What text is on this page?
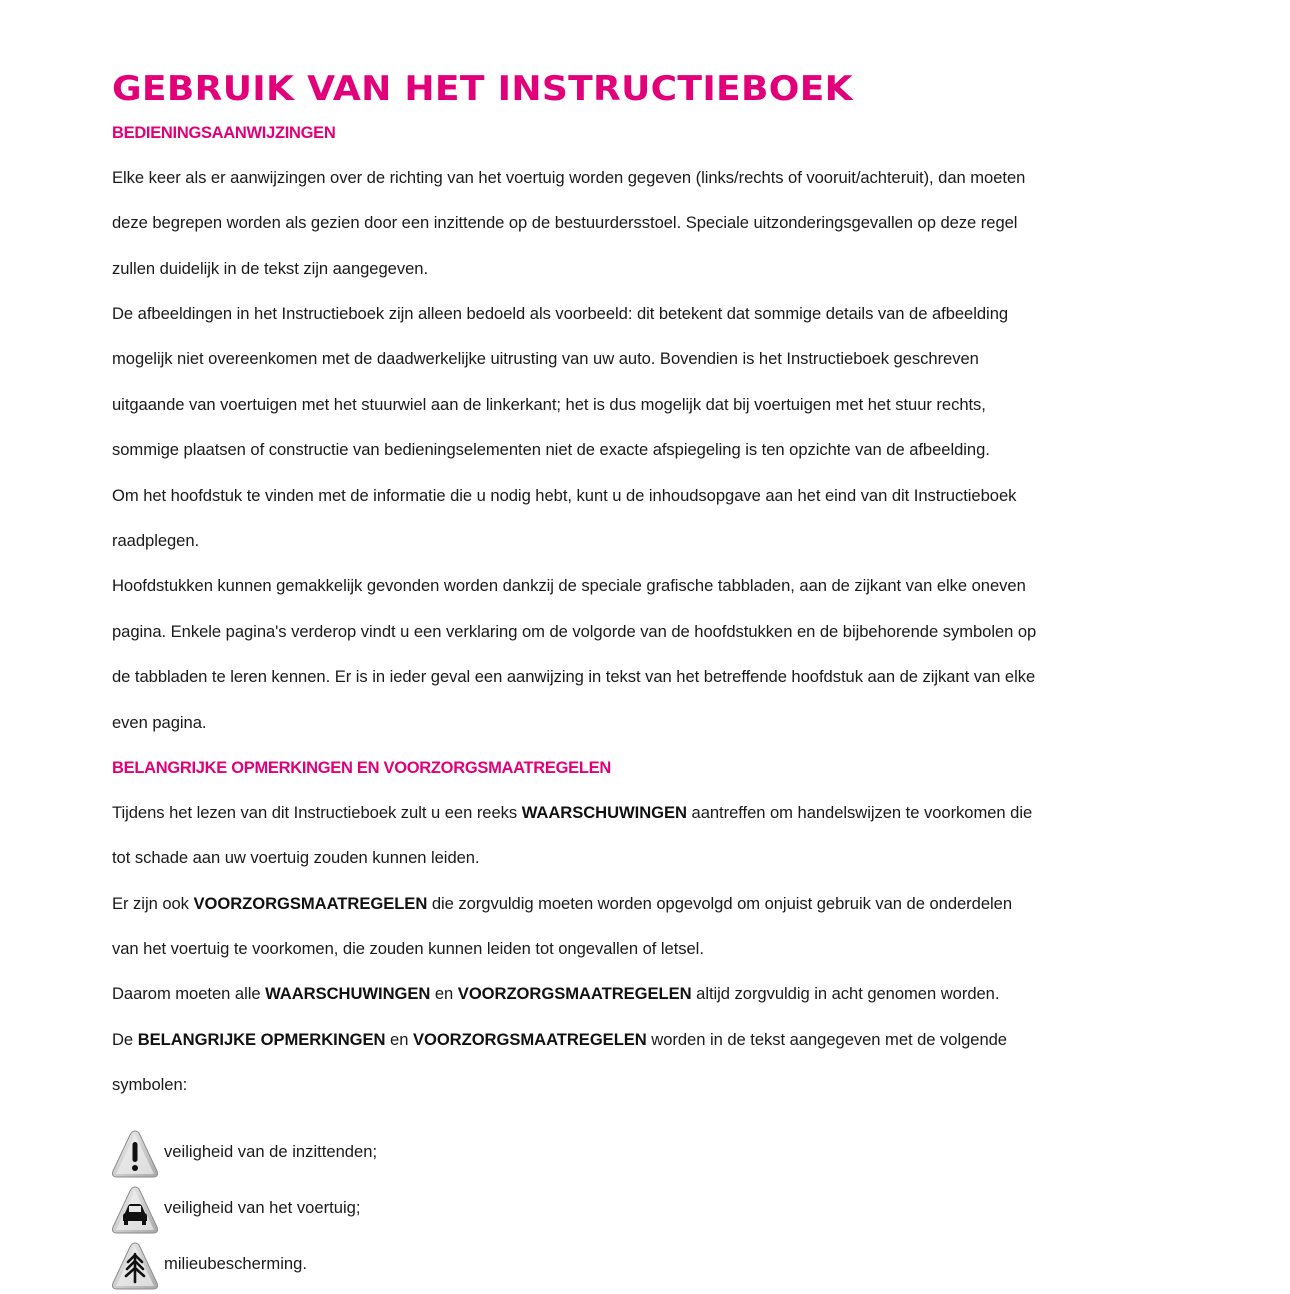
GEBRUIK VAN HET INSTRUCTIEBOEK
BEDIENINGSAANWIJZINGEN

Elke keer als er aanwijzingen over de richting van het voertuig worden gegeven (links/rechts of vooruit/achteruit), dan moeten

deze begrepen worden als gezien door een inzittende op de bestuurdersstoel. Speciale uitzonderingsgevallen op deze regel

zullen duidelijk in de tekst zijn aangegeven.

De afbeeldingen in het Instructieboek zijn alleen bedoeld als voorbeeld: dit betekent dat sommige details van de afbeelding

mogelijk niet overeenkomen met de daadwerkelijke uitrusting van uw auto. Bovendien is het Instructieboek geschreven

uitgaande van voertuigen met het stuurwiel aan de linkerkant; het is dus mogelijk dat bij voertuigen met het stuur rechts,

sommige plaatsen of constructie van bedieningselementen niet de exacte afspiegeling is ten opzichte van de afbeelding.

Om het hoofdstuk te vinden met de informatie die u nodig hebt, kunt u de inhoudsopgave aan het eind van dit Instructieboek

raadplegen.

Hoofdstukken kunnen gemakkelijk gevonden worden dankzij de speciale grafische tabbladen, aan de zijkant van elke oneven

pagina. Enkele pagina's verderop vindt u een verklaring om de volgorde van de hoofdstukken en de bijbehorende symbolen op

de tabbladen te leren kennen. Er is in ieder geval een aanwijzing in tekst van het betreffende hoofdstuk aan de zijkant van elke

even pagina.

BELANGRIJKE OPMERKINGEN EN VOORZORGSMAATREGELEN

Tijdens het lezen van dit Instructieboek zult u een reeks WAARSCHUWINGEN aantreffen om handelswijzen te voorkomen die

tot schade aan uw voertuig zouden kunnen leiden.

Er zijn ook VOORZORGSMAATREGELEN die zorgvuldig moeten worden opgevolgd om onjuist gebruik van de onderdelen

van het voertuig te voorkomen, die zouden kunnen leiden tot ongevallen of letsel.

Daarom moeten alle WAARSCHUWINGEN en VOORZORGSMAATREGELEN altijd zorgvuldig in acht genomen worden.

De BELANGRIJKE OPMERKINGEN en VOORZORGSMAATREGELEN worden in de tekst aangegeven met de volgende

symbolen:

veiligheid van de inzittenden;
veiligheid van het voertuig;
milieubescherming.
